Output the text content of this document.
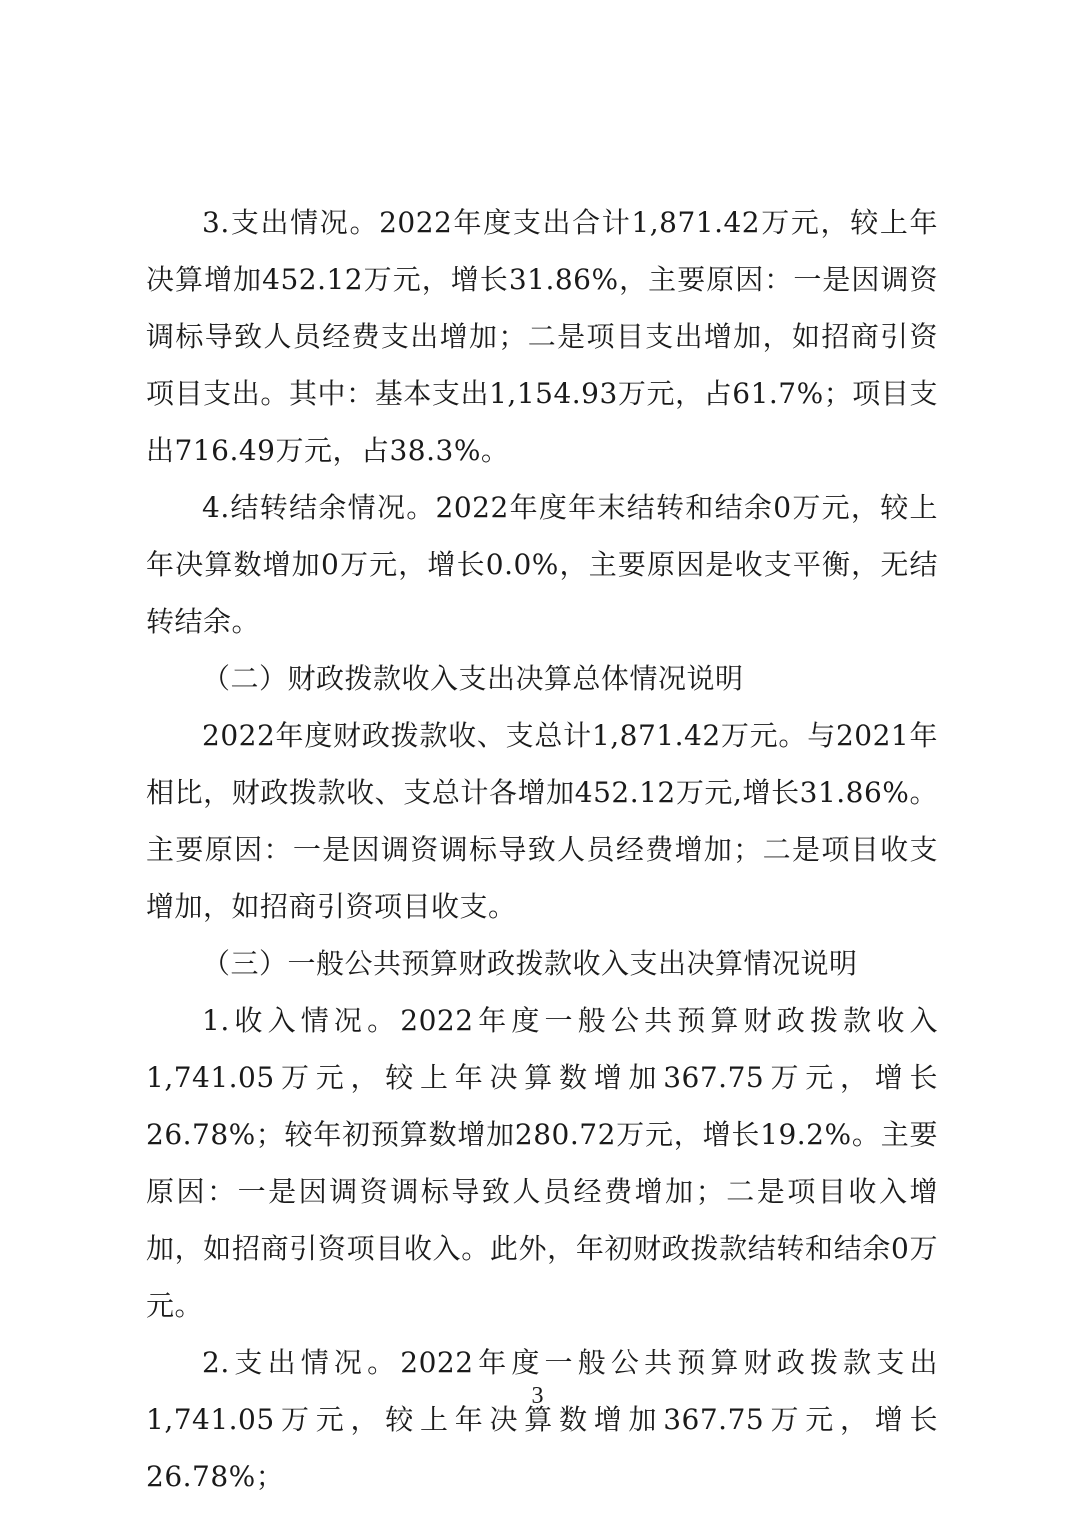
3.支出情况。2022年度支出合计1,871.42万元，较上年决算增加452.12万元，增长31.86%，主要原因：一是因调资调标导致人员经费支出增加；二是项目支出增加，如招商引资项目支出。其中：基本支出1,154.93万元，占61.7%；项目支出716.49万元，占38.3%。

4.结转结余情况。2022年度年末结转和结余0万元，较上年决算数增加0万元，增长0.0%，主要原因是收支平衡，无结转结余。

（二）财政拨款收入支出决算总体情况说明

2022年度财政拨款收、支总计1,871.42万元。与2021年相比，财政拨款收、支总计各增加452.12万元,增长31.86%。主要原因：一是因调资调标导致人员经费增加；二是项目收支增加，如招商引资项目收支。

（三）一般公共预算财政拨款收入支出决算情况说明

1.收入情况。2022年度一般公共预算财政拨款收入1,741.05万元，较上年决算数增加367.75万元，增长26.78%；较年初预算数增加280.72万元，增长19.2%。主要原因：一是因调资调标导致人员经费增加；二是项目收入增加，如招商引资项目收入。此外，年初财政拨款结转和结余0万元。

2.支出情况。2022年度一般公共预算财政拨款支出1,741.05万元，较上年决算数增加367.75万元，增长26.78%；

3
